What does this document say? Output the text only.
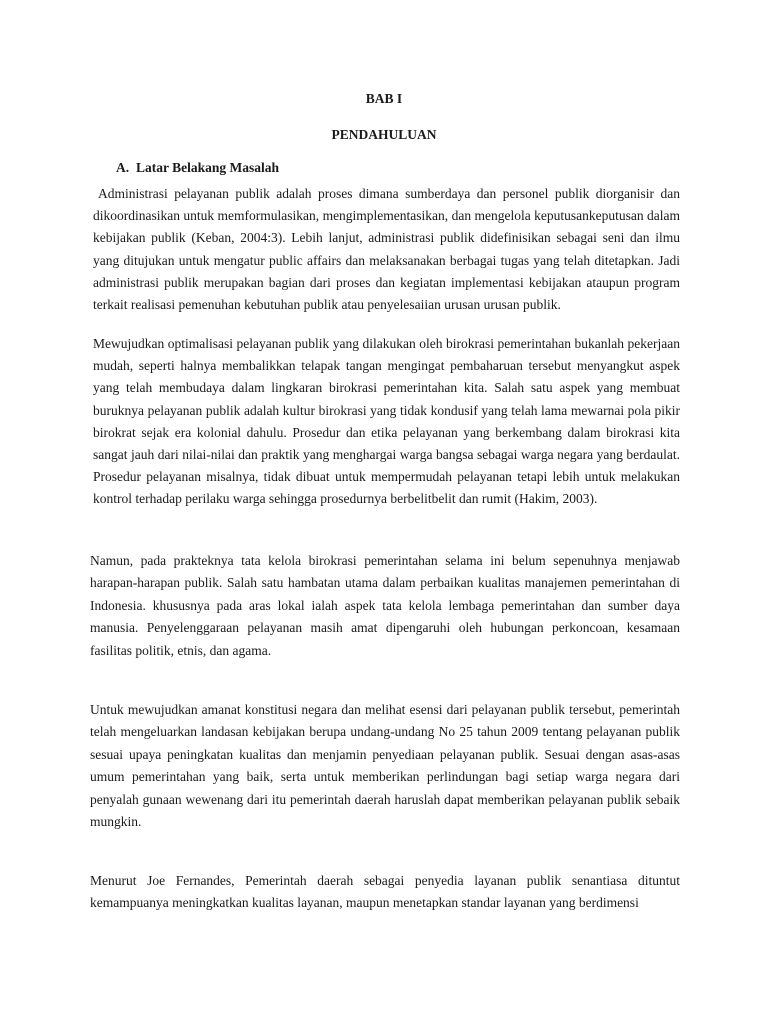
BAB I
PENDAHULUAN
A. Latar Belakang Masalah

Administrasi pelayanan publik adalah proses dimana sumberdaya dan personel publik diorganisir dan dikoordinasikan untuk memformulasikan, mengimplementasikan, dan mengelola keputusankeputusan dalam kebijakan publik (Keban, 2004:3). Lebih lanjut, administrasi publik didefinisikan sebagai seni dan ilmu yang ditujukan untuk mengatur public affairs dan melaksanakan berbagai tugas yang telah ditetapkan. Jadi administrasi publik merupakan bagian dari proses dan kegiatan implementasi kebijakan ataupun program terkait realisasi pemenuhan kebutuhan publik atau penyelesaiian urusan urusan publik.

Mewujudkan optimalisasi pelayanan publik yang dilakukan oleh birokrasi pemerintahan bukanlah pekerjaan mudah, seperti halnya membalikkan telapak tangan mengingat pembaharuan tersebut menyangkut aspek yang telah membudaya dalam lingkaran birokrasi pemerintahan kita. Salah satu aspek yang membuat buruknya pelayanan publik adalah kultur birokrasi yang tidak kondusif yang telah lama mewarnai pola pikir birokrat sejak era kolonial dahulu. Prosedur dan etika pelayanan yang berkembang dalam birokrasi kita sangat jauh dari nilai-nilai dan praktik yang menghargai warga bangsa sebagai warga negara yang berdaulat. Prosedur pelayanan misalnya, tidak dibuat untuk mempermudah pelayanan tetapi lebih untuk melakukan kontrol terhadap perilaku warga sehingga prosedurnya berbelitbelit dan rumit (Hakim, 2003).

Namun, pada prakteknya tata kelola birokrasi pemerintahan selama ini belum sepenuhnya menjawab harapan-harapan publik. Salah satu hambatan utama dalam perbaikan kualitas manajemen pemerintahan di Indonesia. khususnya pada aras lokal ialah aspek tata kelola lembaga pemerintahan dan sumber daya manusia. Penyelenggaraan pelayanan masih amat dipengaruhi oleh hubungan perkoncoan, kesamaan fasilitas politik, etnis, dan agama.

Untuk mewujudkan amanat konstitusi negara dan melihat esensi dari pelayanan publik tersebut, pemerintah telah mengeluarkan landasan kebijakan berupa undang-undang No 25 tahun 2009 tentang pelayanan publik sesuai upaya peningkatan kualitas dan menjamin penyediaan pelayanan publik. Sesuai dengan asas-asas umum pemerintahan yang baik, serta untuk memberikan perlindungan bagi setiap warga negara dari penyalah gunaan wewenang dari itu pemerintah daerah haruslah dapat memberikan pelayanan publik sebaik mungkin.

Menurut Joe Fernandes, Pemerintah daerah sebagai penyedia layanan publik senantiasa dituntut kemampuanya meningkatkan kualitas layanan, maupun menetapkan standar layanan yang berdimensi
